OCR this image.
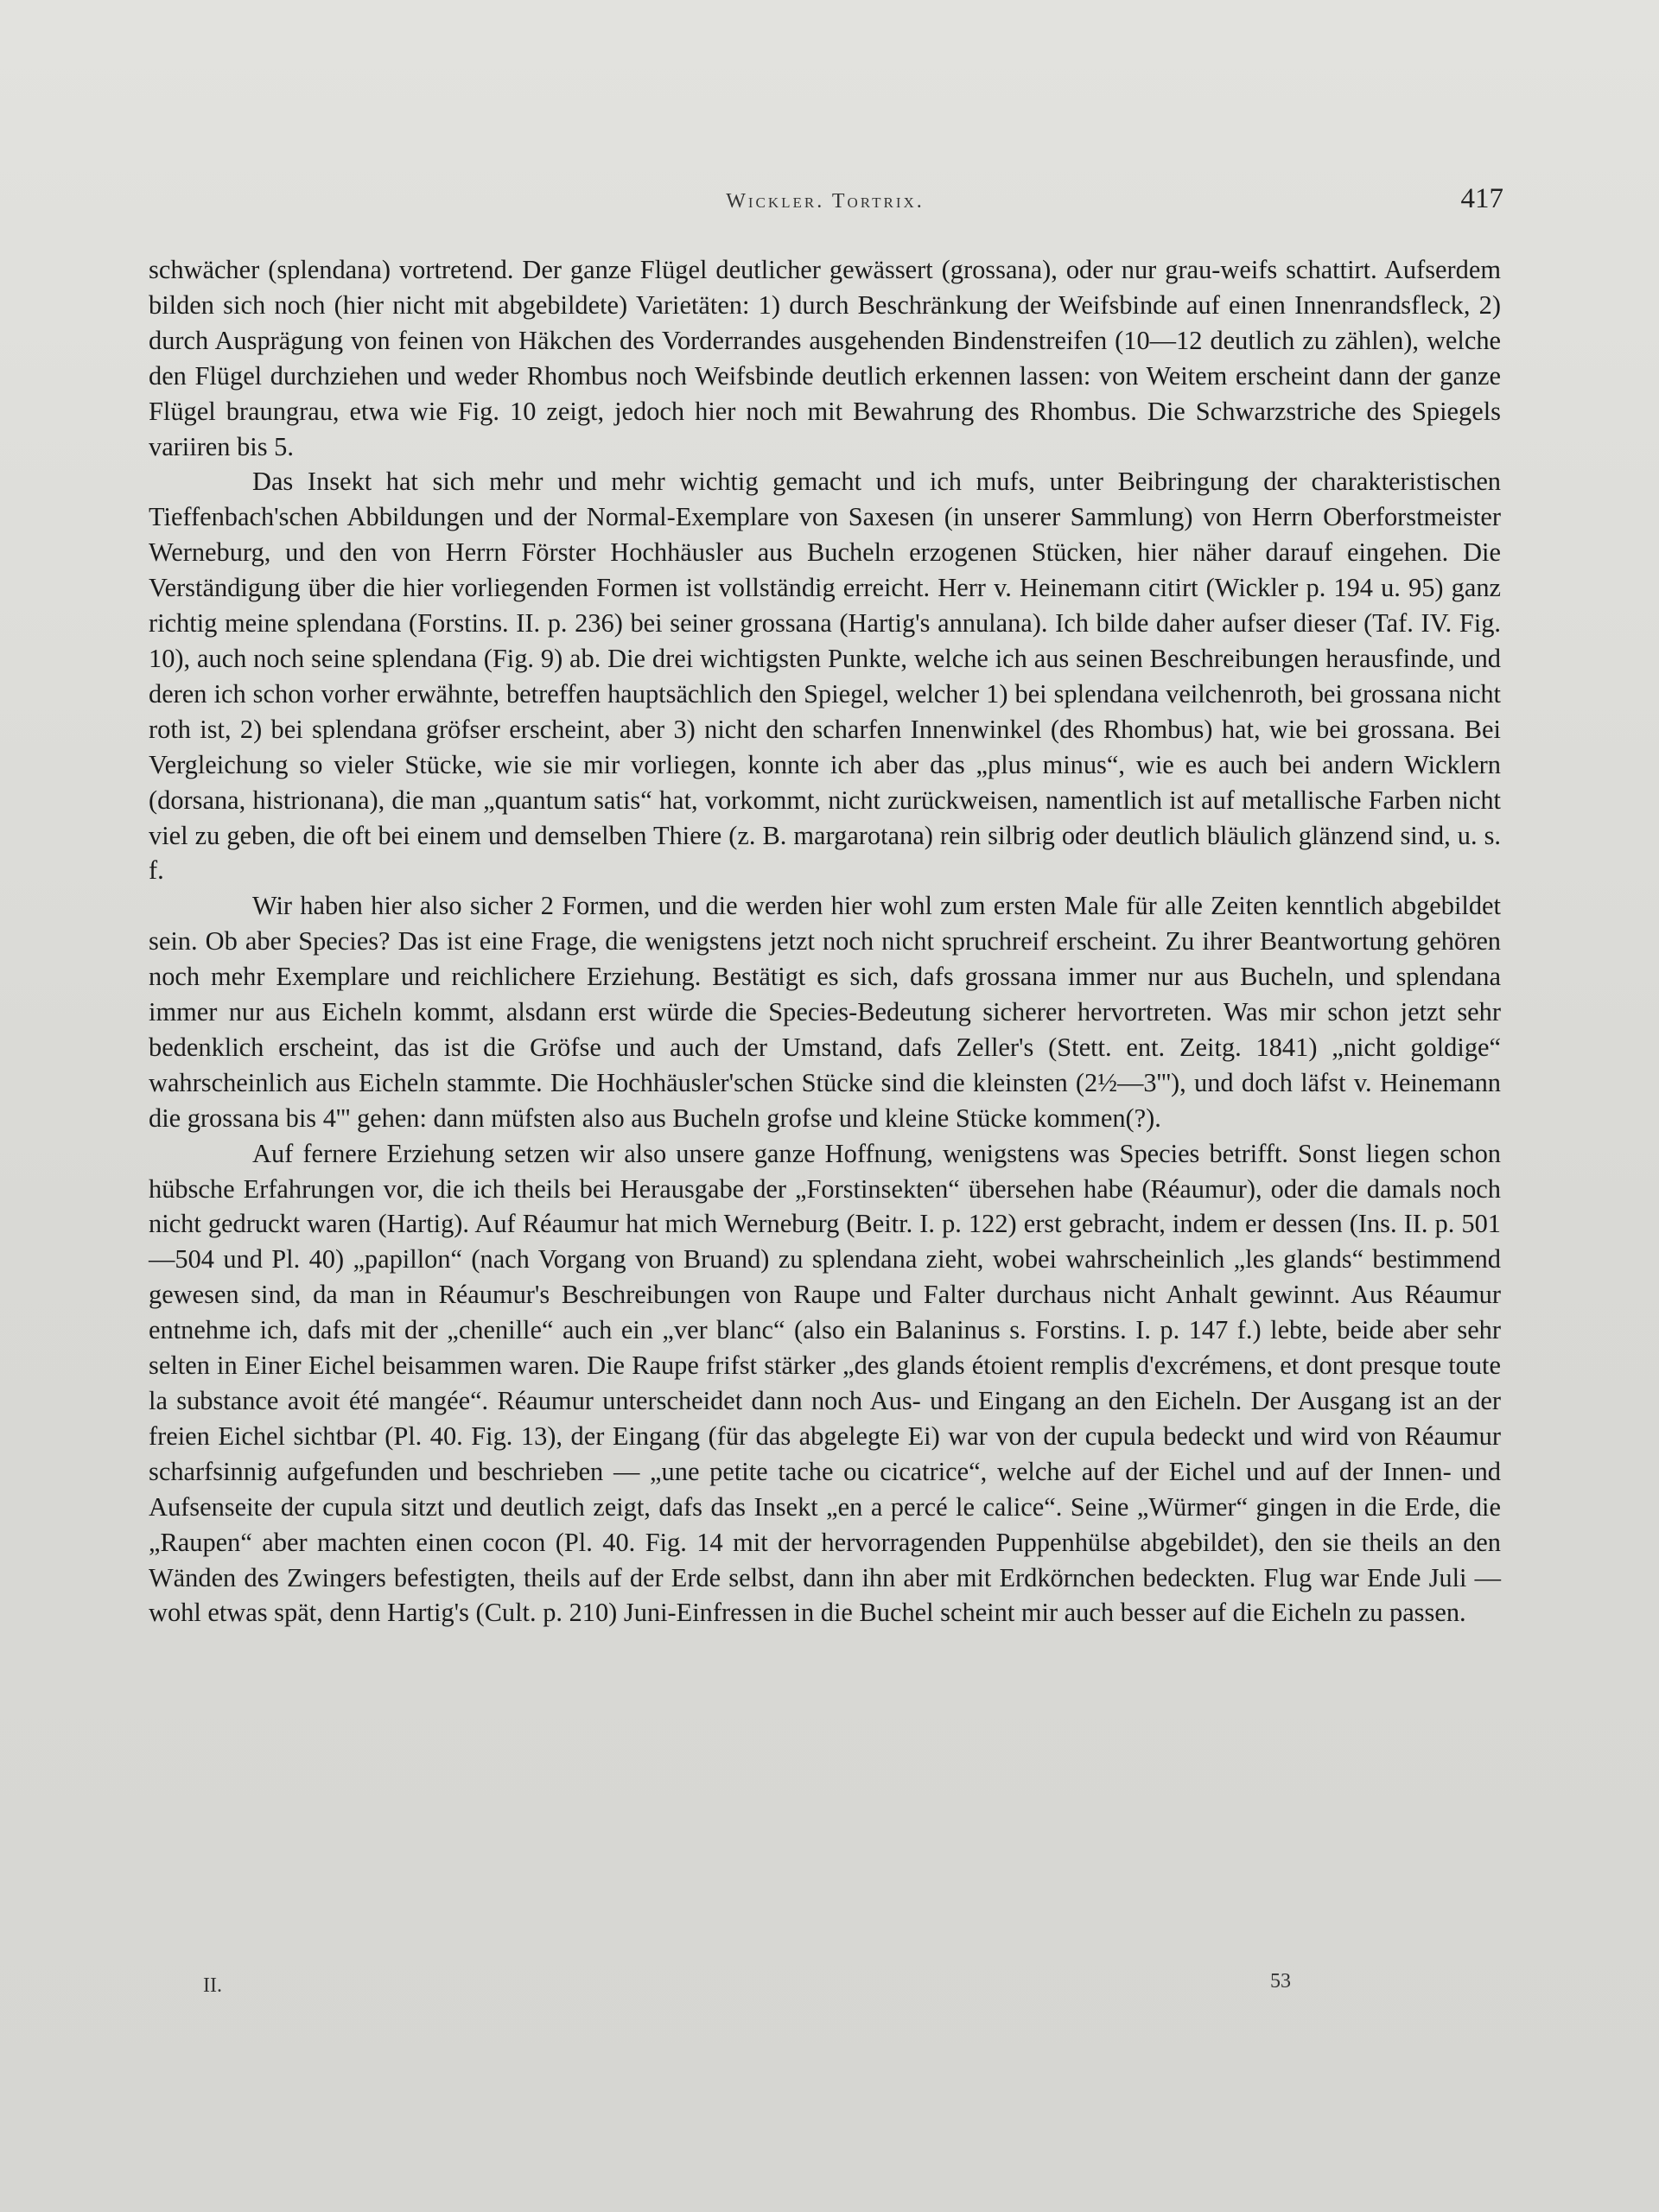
Wickler. Tortrix.	417

schwächer (splendana) vortretend. Der ganze Flügel deutlicher gewässert (grossana), oder nur grau-weifs schattirt. Aufserdem bilden sich noch (hier nicht mit abgebildete) Varietäten: 1) durch Beschränkung der Weifsbinde auf einen Innenrandsfleck, 2) durch Ausprägung von feinen von Häkchen des Vorderrandes ausgehenden Bindenstreifen (10—12 deutlich zu zählen), welche den Flügel durchziehen und weder Rhombus noch Weifsbinde deutlich erkennen lassen: von Weitem erscheint dann der ganze Flügel braungrau, etwa wie Fig. 10 zeigt, jedoch hier noch mit Bewahrung des Rhombus. Die Schwarzstriche des Spiegels variiren bis 5.

Das Insekt hat sich mehr und mehr wichtig gemacht und ich mufs, unter Beibringung der charakteristischen Tieffenbach'schen Abbildungen und der Normal-Exemplare von Saxesen (in unserer Sammlung) von Herrn Oberforstmeister Werneburg, und den von Herrn Förster Hochhäusler aus Bucheln erzogenen Stücken, hier näher darauf eingehen. Die Verständigung über die hier vorliegenden Formen ist vollständig erreicht. Herr v. Heinemann citirt (Wickler p. 194 u. 95) ganz richtig meine splendana (Forstins. II. p. 236) bei seiner grossana (Hartig's annulana). Ich bilde daher aufser dieser (Taf. IV. Fig. 10), auch noch seine splendana (Fig. 9) ab. Die drei wichtigsten Punkte, welche ich aus seinen Beschreibungen herausfinde, und deren ich schon vorher erwähnte, betreffen hauptsächlich den Spiegel, welcher 1) bei splendana veilchenroth, bei grossana nicht roth ist, 2) bei splendana gröfser erscheint, aber 3) nicht den scharfen Innenwinkel (des Rhombus) hat, wie bei grossana. Bei Vergleichung so vieler Stücke, wie sie mir vorliegen, konnte ich aber das „plus minus“, wie es auch bei andern Wicklern (dorsana, histrionana), die man „quantum satis“ hat, vorkommt, nicht zurückweisen, namentlich ist auf metallische Farben nicht viel zu geben, die oft bei einem und demselben Thiere (z. B. margarotana) rein silbrig oder deutlich bläulich glänzend sind, u. s. f.

Wir haben hier also sicher 2 Formen, und die werden hier wohl zum ersten Male für alle Zeiten kenntlich abgebildet sein. Ob aber Species? Das ist eine Frage, die wenigstens jetzt noch nicht spruchreif erscheint. Zu ihrer Beantwortung gehören noch mehr Exemplare und reichlichere Erziehung. Bestätigt es sich, dafs grossana immer nur aus Bucheln, und splendana immer nur aus Eicheln kommt, alsdann erst würde die Species-Bedeutung sicherer hervortreten. Was mir schon jetzt sehr bedenklich erscheint, das ist die Gröfse und auch der Umstand, dafs Zeller's (Stett. ent. Zeitg. 1841) „nicht goldige“ wahrscheinlich aus Eicheln stammte. Die Hochhäusler'schen Stücke sind die kleinsten (2½—3'''), und doch läfst v. Heinemann die grossana bis 4''' gehen: dann müfsten also aus Bucheln grofse und kleine Stücke kommen(?).

Auf fernere Erziehung setzen wir also unsere ganze Hoffnung, wenigstens was Species betrifft. Sonst liegen schon hübsche Erfahrungen vor, die ich theils bei Herausgabe der „Forstinsekten“ übersehen habe (Réaumur), oder die damals noch nicht gedruckt waren (Hartig). Auf Réaumur hat mich Werneburg (Beitr. I. p. 122) erst gebracht, indem er dessen (Ins. II. p. 501—504 und Pl. 40) „papillon“ (nach Vorgang von Bruand) zu splendana zieht, wobei wahrscheinlich „les glands“ bestimmend gewesen sind, da man in Réaumur's Beschreibungen von Raupe und Falter durchaus nicht Anhalt gewinnt. Aus Réaumur entnehme ich, dafs mit der „chenille“ auch ein „ver blanc“ (also ein Balaninus s. Forstins. I. p. 147 f.) lebte, beide aber sehr selten in Einer Eichel beisammen waren. Die Raupe frifst stärker „des glands étoient remplis d'excrémens, et dont presque toute la substance avoit été mangée“. Réaumur unterscheidet dann noch Aus- und Eingang an den Eicheln. Der Ausgang ist an der freien Eichel sichtbar (Pl. 40. Fig. 13), der Eingang (für das abgelegte Ei) war von der cupula bedeckt und wird von Réaumur scharfsinnig aufgefunden und beschrieben — „une petite tache ou cicatrice“, welche auf der Eichel und auf der Innen- und Aufsenseite der cupula sitzt und deutlich zeigt, dafs das Insekt „en a percé le calice“. Seine „Würmer“ gingen in die Erde, die „Raupen“ aber machten einen cocon (Pl. 40. Fig. 14 mit der hervorragenden Puppenhülse abgebildet), den sie theils an den Wänden des Zwingers befestigten, theils auf der Erde selbst, dann ihn aber mit Erdkörnchen bedeckten. Flug war Ende Juli — wohl etwas spät, denn Hartig's (Cult. p. 210) Juni-Einfressen in die Buchel scheint mir auch besser auf die Eicheln zu passen.

II.	53
